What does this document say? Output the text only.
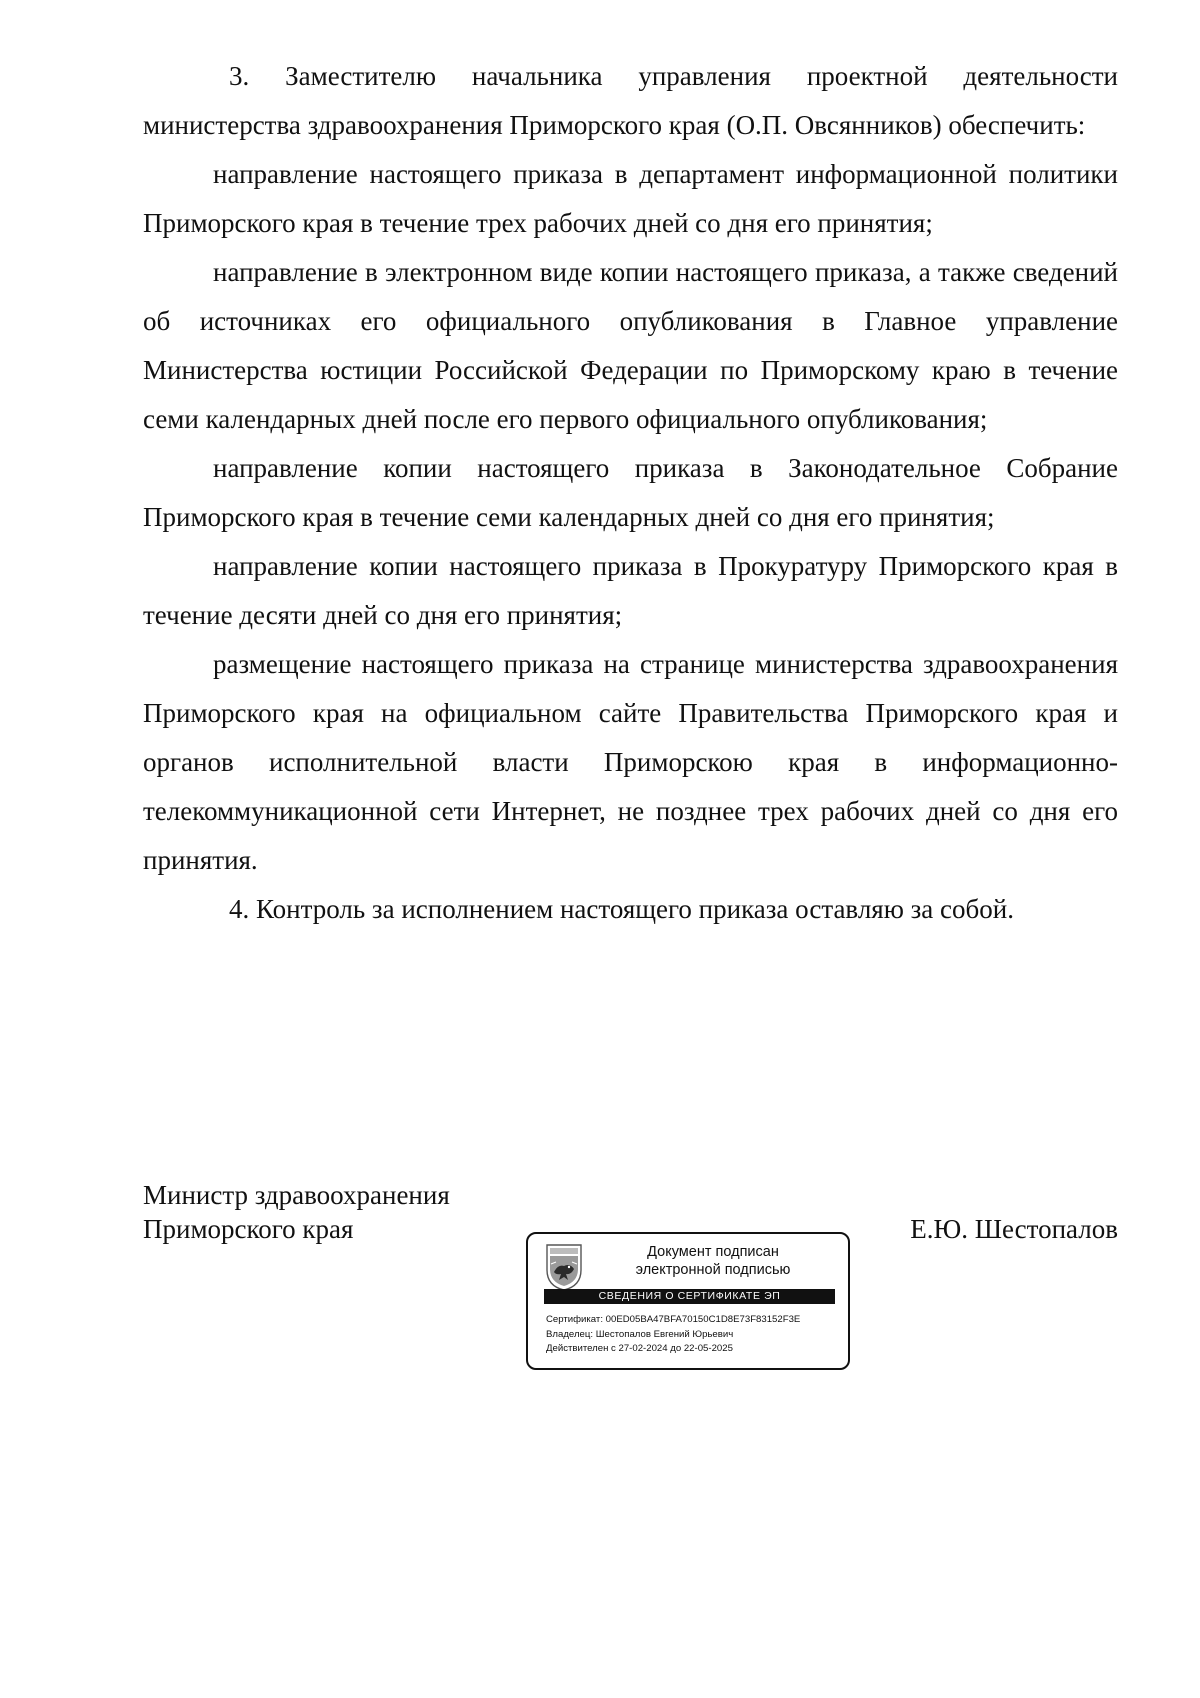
3. Заместителю начальника управления проектной деятельности министерства здравоохранения Приморского края (О.П. Овсянников) обеспечить:

направление настоящего приказа в департамент информационной политики Приморского края в течение трех рабочих дней со дня его принятия;

направление в электронном виде копии настоящего приказа, а также сведений об источниках его официального опубликования в Главное управление Министерства юстиции Российской Федерации по Приморскому краю в течение семи календарных дней после его первого официального опубликования;

направление копии настоящего приказа в Законодательное Собрание Приморского края в течение семи календарных дней со дня его принятия;

направление копии настоящего приказа в Прокуратуру Приморского края в течение десяти дней со дня его принятия;

размещение настоящего приказа на странице министерства здравоохранения Приморского края на официальном сайте Правительства Приморского края и органов исполнительной власти Приморскою края в информационно-телекоммуникационной сети Интернет, не позднее трех рабочих дней со дня его принятия.

4. Контроль за исполнением настоящего приказа оставляю за собой.

Министр здравоохранения
Приморского края	Е.Ю. Шестопалов
Документ подписан
электронной подписью
СВЕДЕНИЯ О СЕРТИФИКАТЕ ЭП
Сертификат: 00ED05BA47BFA70150C1D8E73F83152F3E
Владелец: Шестопалов Евгений Юрьевич
Действителен с 27-02-2024 до 22-05-2025
